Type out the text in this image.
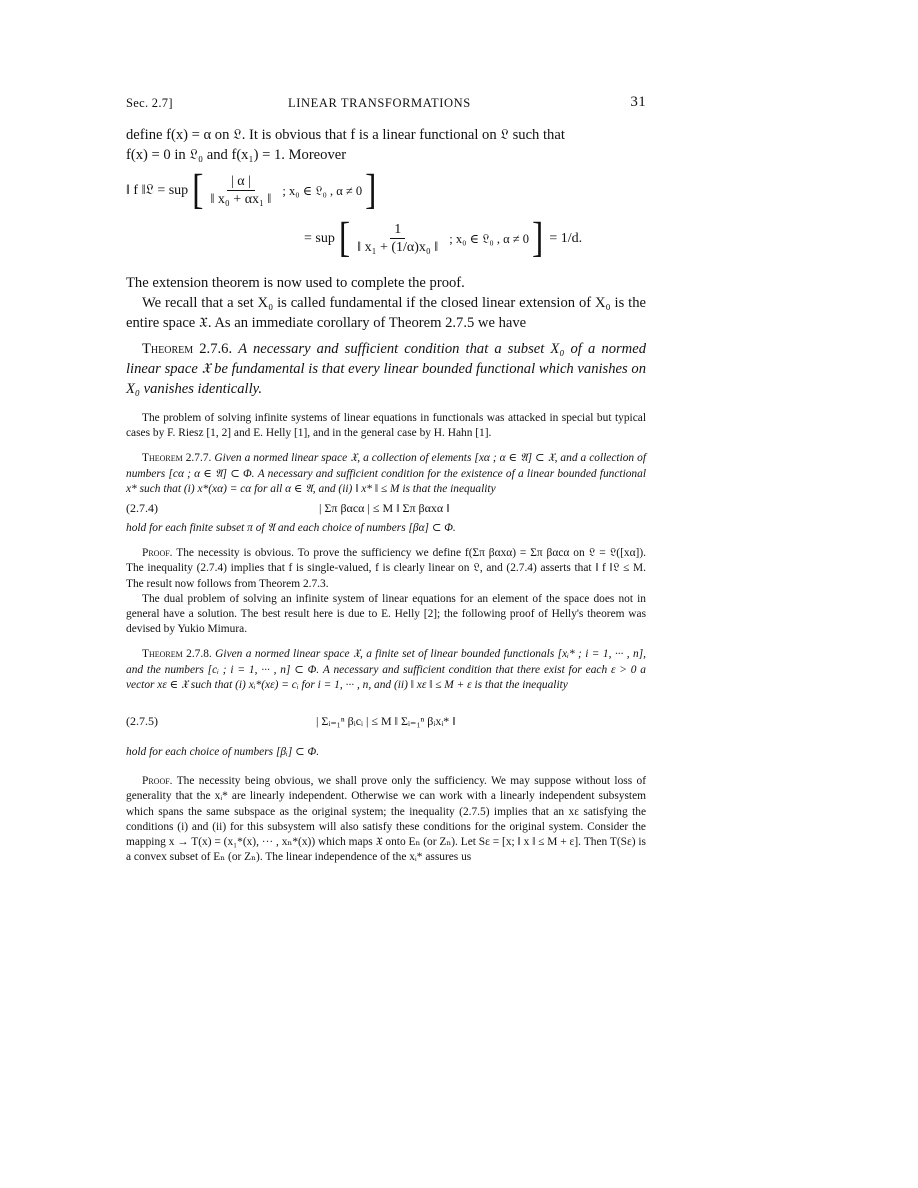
Sec. 2.7]	LINEAR TRANSFORMATIONS	31

define f(x) = α on 𝔏. It is obvious that f is a linear functional on 𝔏 such that

f(x) = 0 in 𝔏₀ and f(x₁) = 1. Moreover

‖ f ‖𝔏 = sup [ $\frac{| \alpha |}{\text{‖ x₀ + αx₁ ‖}}$ ; x₀ ∈ 𝔏₀ , α ≠ 0 ]
= sup [ $\frac{1}{\text{‖ x₁ + (1/α)x₀ ‖}}$ ; x₀ ∈ 𝔏₀ , α ≠ 0 ] = 1/d.

The extension theorem is now used to complete the proof.

We recall that a set X₀ is called fundamental if the closed linear extension of X₀ is the entire space 𝔛. As an immediate corollary of Theorem 2.7.5 we have

Theorem 2.7.6. A necessary and sufficient condition that a subset X₀ of a normed linear space 𝔛 be fundamental is that every linear bounded functional which vanishes on X₀ vanishes identically.

The problem of solving infinite systems of linear equations in functionals was attacked in special but typical cases by F. Riesz [1, 2] and E. Helly [1], and in the general case by H. Hahn [1].

Theorem 2.7.7. Given a normed linear space 𝔛, a collection of elements [xα ; α ∈ 𝔄] ⊂ 𝔛, and a collection of numbers [cα ; α ∈ 𝔄] ⊂ Φ. A necessary and sufficient condition for the existence of a linear bounded functional x* such that (i) x*(xα) = cα for all α ∈ 𝔄, and (ii) ‖ x* ‖ ≤ M is that the inequality

(2.7.4)	| Σπ βαcα | ≤ M ‖ Σπ βαxα ‖

hold for each finite subset π of 𝔄 and each choice of numbers [βα] ⊂ Φ.

Proof. The necessity is obvious. To prove the sufficiency we define f(Σπ βαxα) = Σπ βαcα on 𝔏 = 𝔏([xα]). The inequality (2.7.4) implies that f is single-valued, f is clearly linear on 𝔏, and (2.7.4) asserts that ‖ f ‖𝔏 ≤ M. The result now follows from Theorem 2.7.3.

The dual problem of solving an infinite system of linear equations for an element of the space does not in general have a solution. The best result here is due to E. Helly [2]; the following proof of Helly's theorem was devised by Yukio Mimura.

Theorem 2.7.8. Given a normed linear space 𝔛, a finite set of linear bounded functionals [xᵢ* ; i = 1, ··· , n], and the numbers [cᵢ ; i = 1, ··· , n] ⊂ Φ. A necessary and sufficient condition that there exist for each ε > 0 a vector xε ∈ 𝔛 such that (i) xᵢ*(xε) = cᵢ for i = 1, ··· , n, and (ii) ‖ xε ‖ ≤ M + ε is that the inequality

(2.7.5)	| Σᵢ₌₁ⁿ βᵢcᵢ | ≤ M ‖ Σᵢ₌₁ⁿ βᵢxᵢ* ‖

hold for each choice of numbers [βᵢ] ⊂ Φ.

Proof. The necessity being obvious, we shall prove only the sufficiency. We may suppose without loss of generality that the xᵢ* are linearly independent. Otherwise we can work with a linearly independent subsystem which spans the same subspace as the original system; the inequality (2.7.5) implies that an xε satisfying the conditions (i) and (ii) for this subsystem will also satisfy these conditions for the original system. Consider the mapping x → T(x) = (x₁*(x), ··· , xₙ*(x)) which maps 𝔛 onto Eₙ (or Zₙ). Let Sε = [x; ‖ x ‖ ≤ M + ε]. Then T(Sε) is a convex subset of Eₙ (or Zₙ). The linear independence of the xᵢ* assures us
